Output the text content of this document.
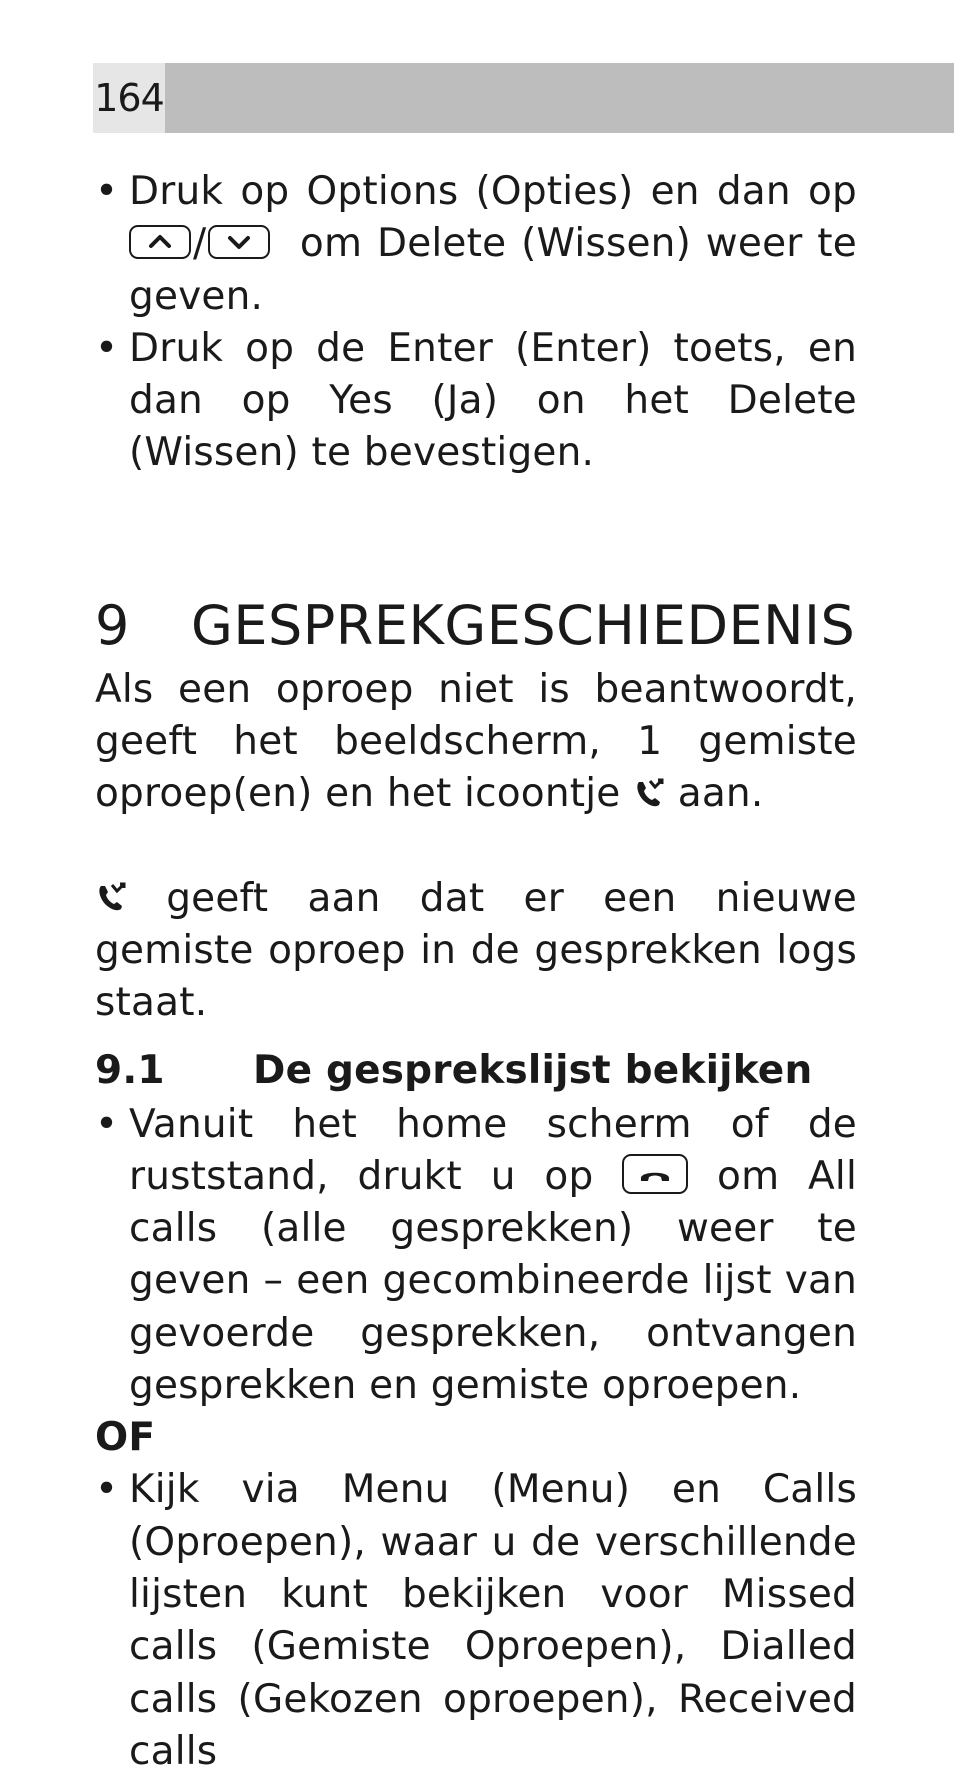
164
• Druk op Options (Opties) en dan op
/ om Delete (Wissen) weer te geven.
• Druk op de Enter (Enter) toets, en dan op Yes (Ja) on het Delete (Wissen) te bevestigen.
9 GESPREKGESCHIEDENIS

Als een oproep niet is beantwoordt, geeft het beeldscherm, 1 gemiste oproep(en) en het icoontje aan.

geeft aan dat er een nieuwe gemiste oproep in de gesprekken logs staat.

9.1 De gesprekslijst bekijken
• Vanuit het home scherm of de ruststand, drukt u op	om All calls (alle gesprekken) weer te geven – een gecombineerde lijst van gevoerde gesprekken, ontvangen gesprekken en gemiste oproepen.

OF

• Kijk via Menu (Menu) en Calls (Oproepen), waar u de verschillende lijsten kunt bekijken voor Missed calls (Gemiste Oproepen), Dialled calls (Gekozen oproepen), Received calls
